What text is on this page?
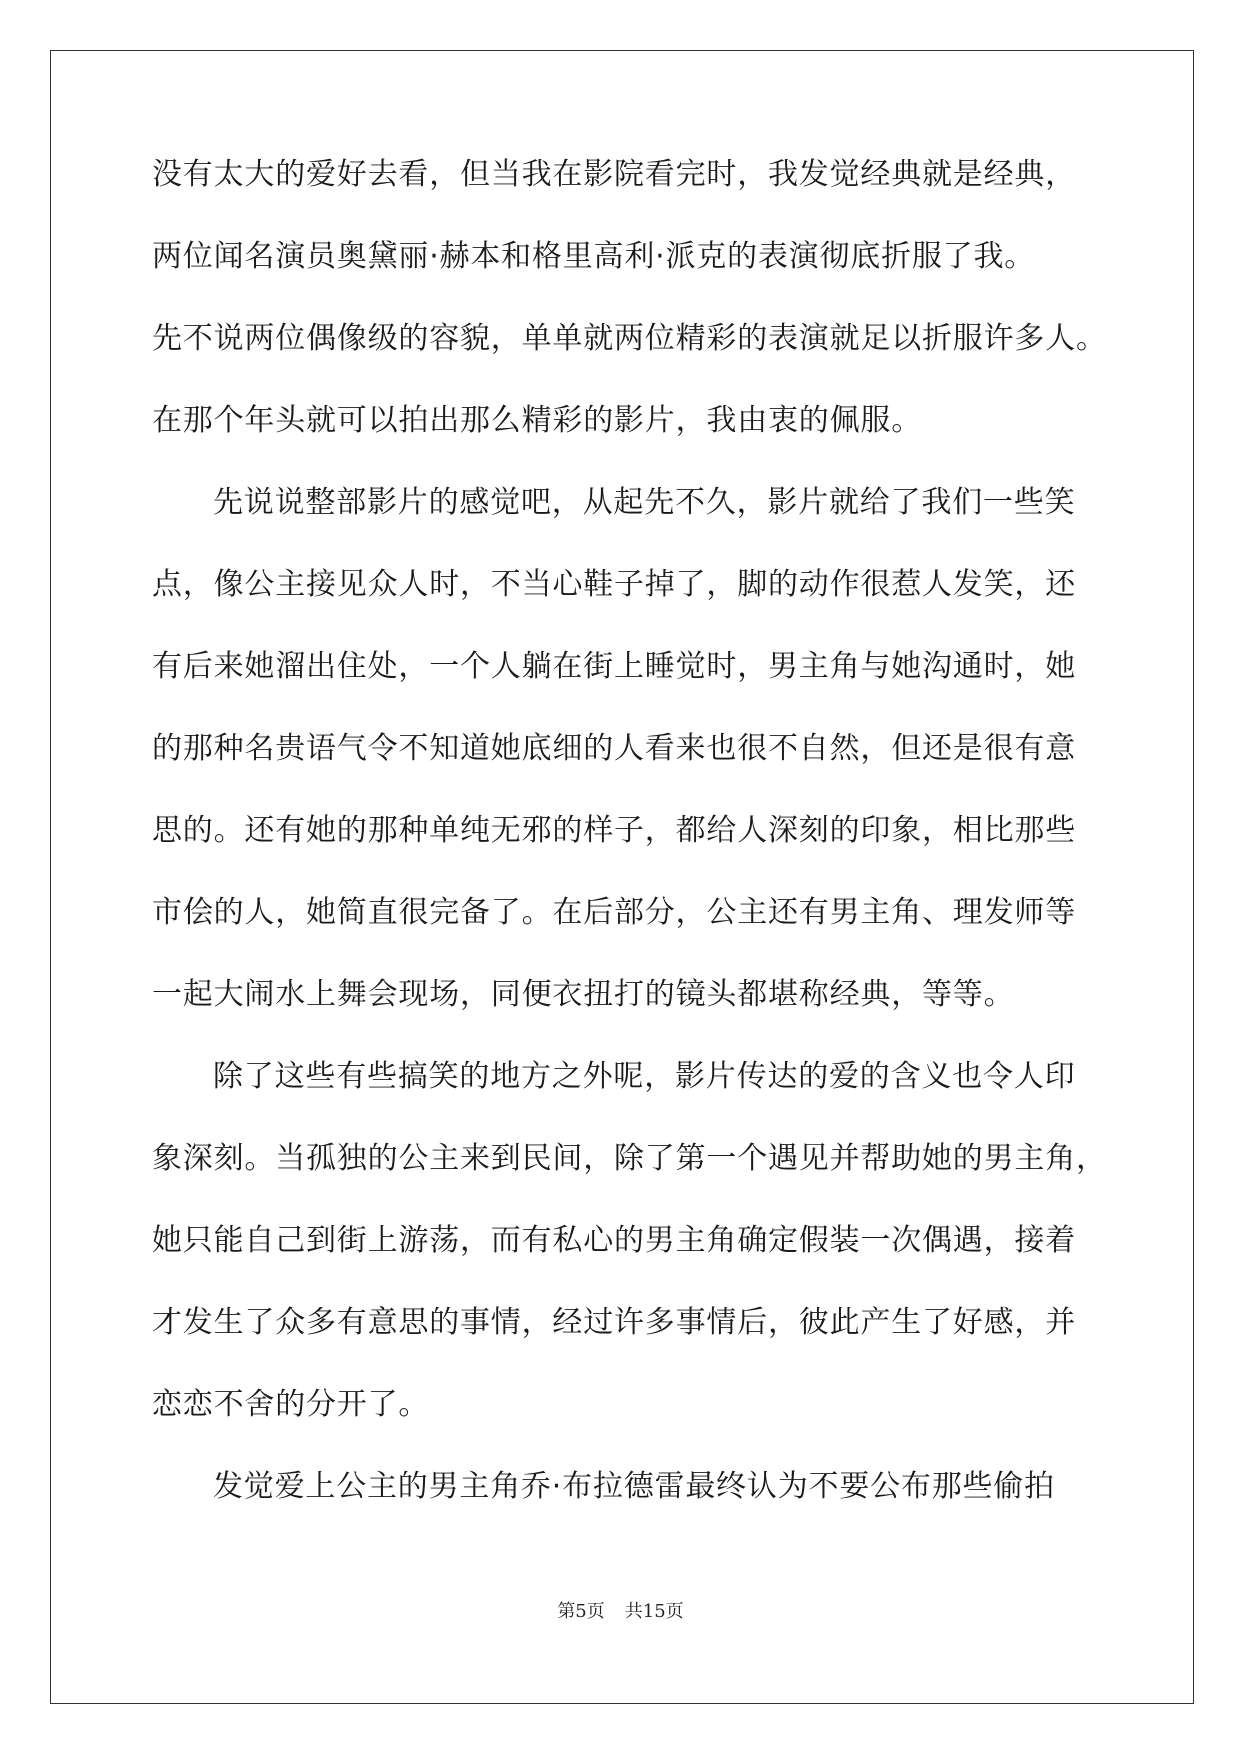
没有太大的爱好去看，但当我在影院看完时，我发觉经典就是经典，
两位闻名演员奥黛丽·赫本和格里高利·派克的表演彻底折服了我。
先不说两位偶像级的容貌，单单就两位精彩的表演就足以折服许多人。
在那个年头就可以拍出那么精彩的影片，我由衷的佩服。
先说说整部影片的感觉吧，从起先不久，影片就给了我们一些笑
点，像公主接见众人时，不当心鞋子掉了，脚的动作很惹人发笑，还
有后来她溜出住处，一个人躺在街上睡觉时，男主角与她沟通时，她
的那种名贵语气令不知道她底细的人看来也很不自然，但还是很有意
思的。还有她的那种单纯无邪的样子，都给人深刻的印象，相比那些
市侩的人，她简直很完备了。在后部分，公主还有男主角、理发师等
一起大闹水上舞会现场，同便衣扭打的镜头都堪称经典，等等。
除了这些有些搞笑的地方之外呢，影片传达的爱的含义也令人印
象深刻。当孤独的公主来到民间，除了第一个遇见并帮助她的男主角，
她只能自己到街上游荡，而有私心的男主角确定假装一次偶遇，接着
才发生了众多有意思的事情，经过许多事情后，彼此产生了好感，并
恋恋不舍的分开了。
发觉爱上公主的男主角乔·布拉德雷最终认为不要公布那些偷拍
第5页 共15页
